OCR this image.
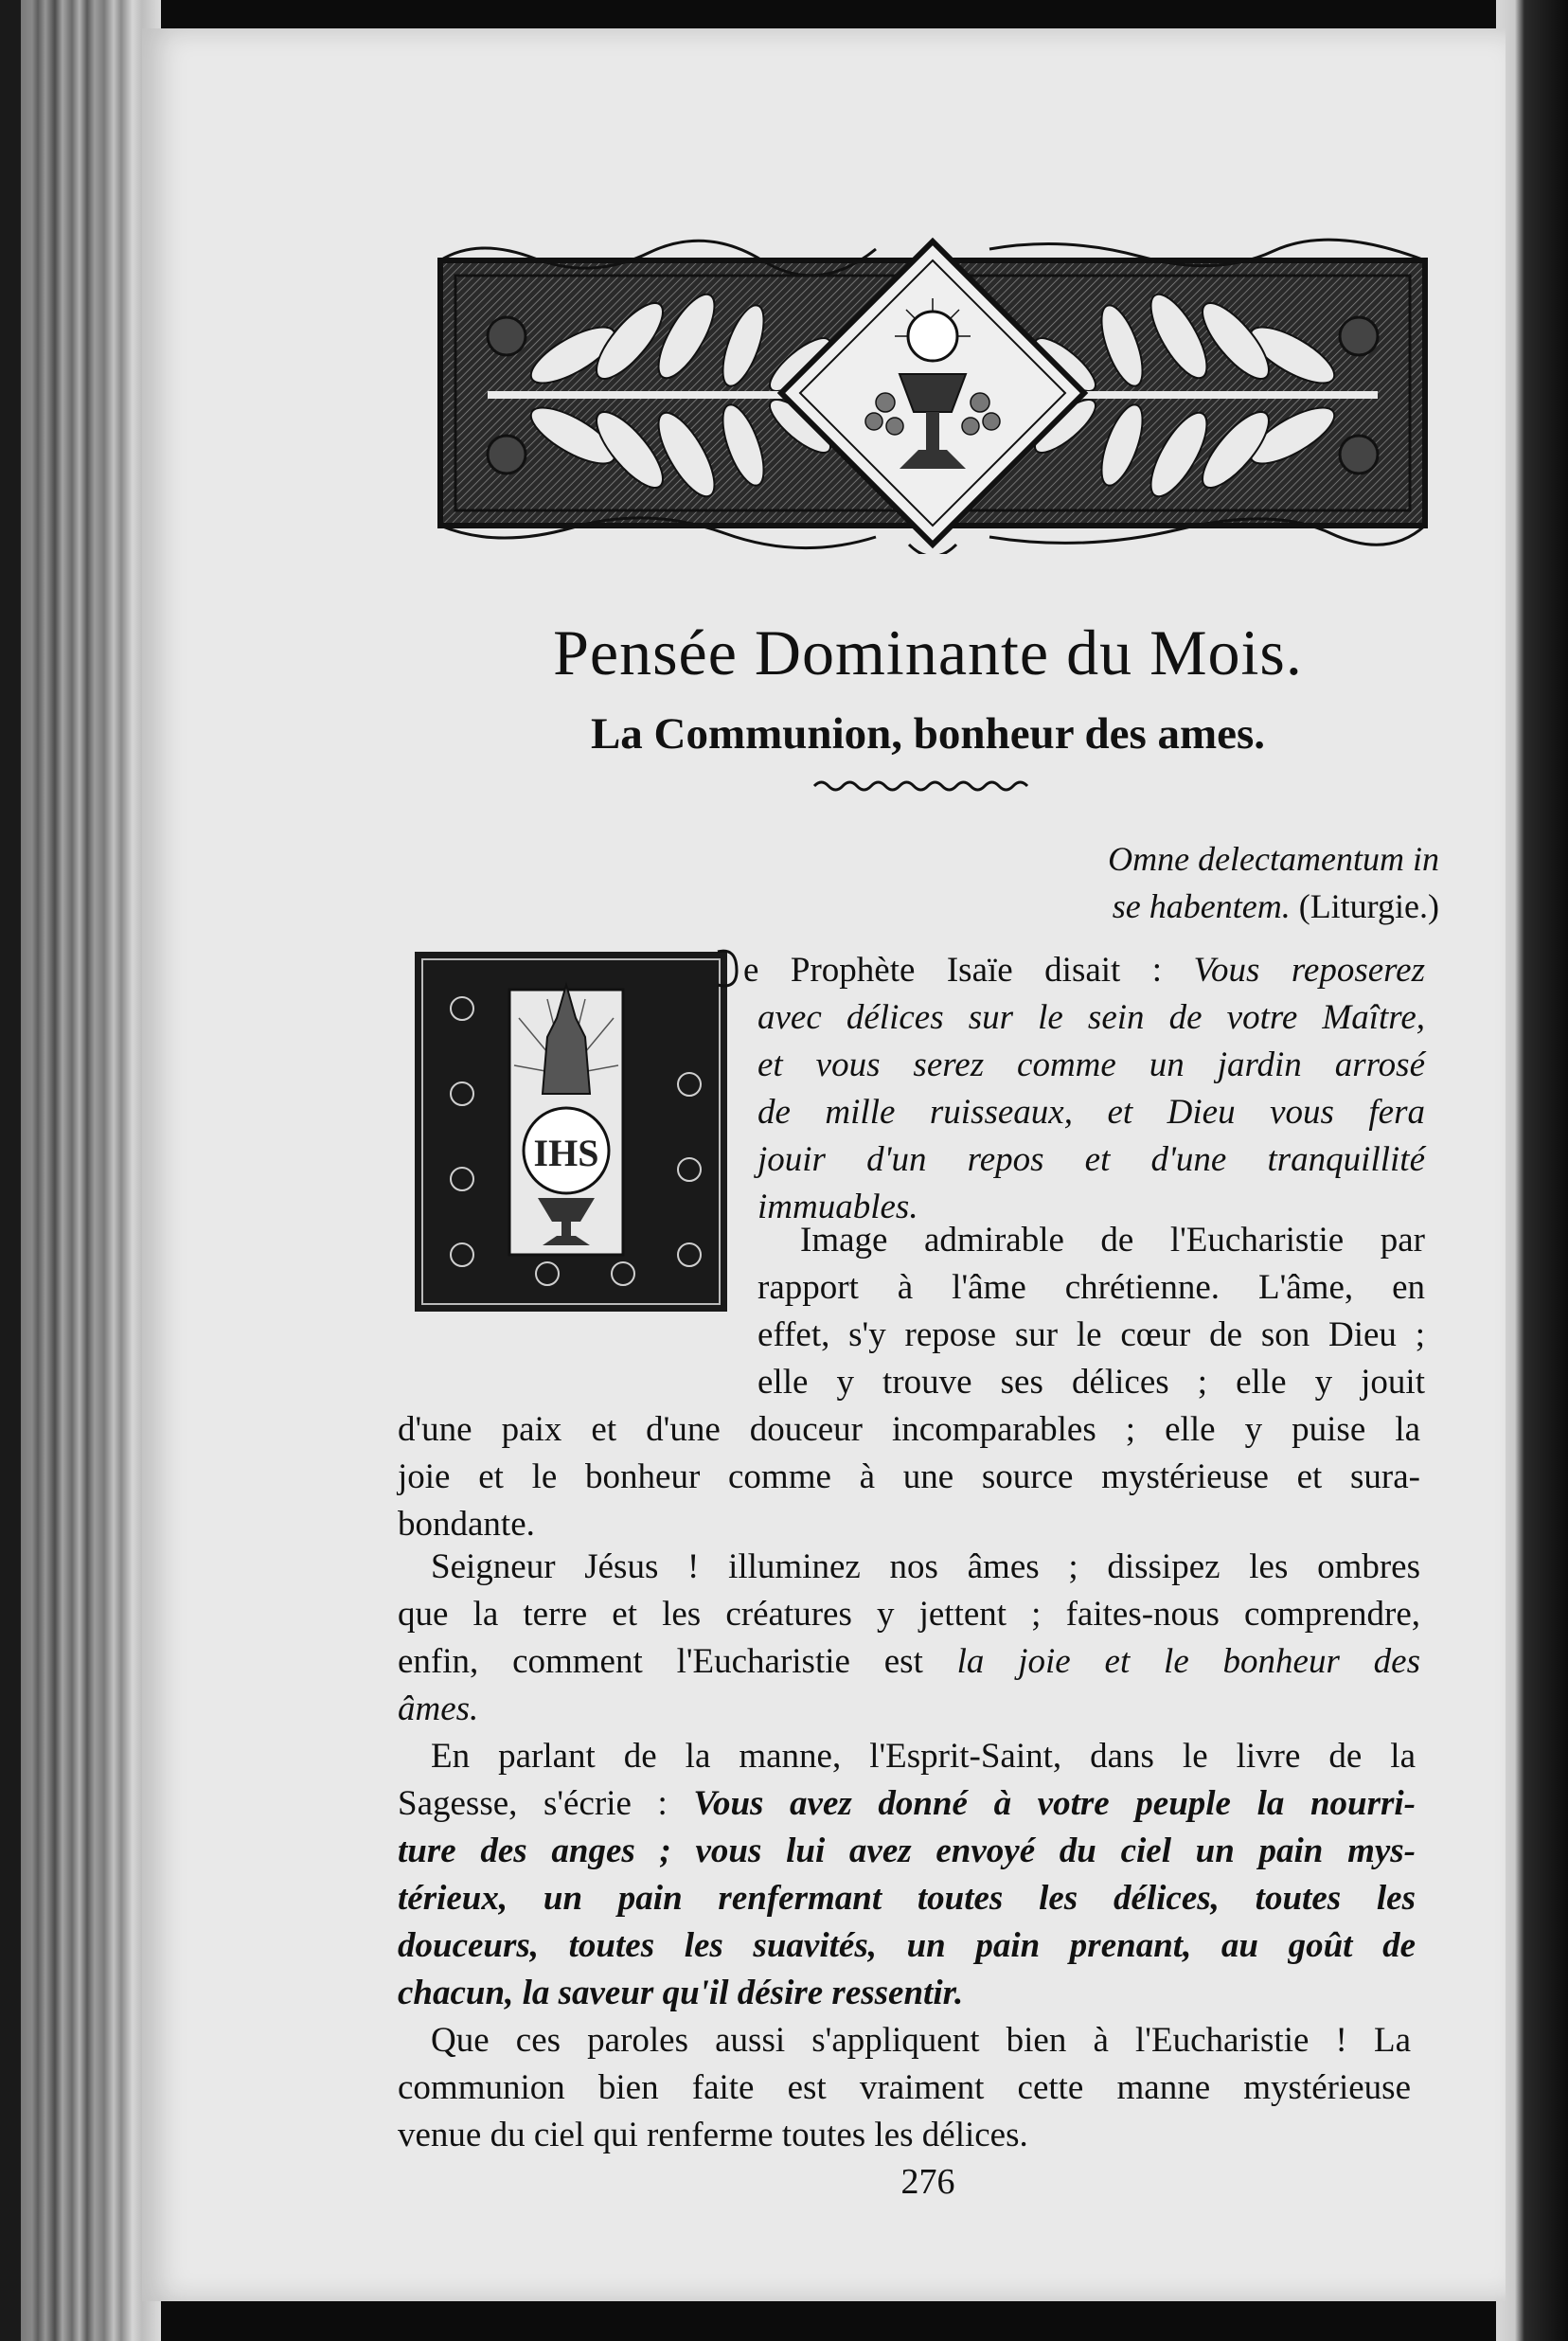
Pensée Dominante du Mois.
La Communion, bonheur des ames.
Omne delectamentum in
se habentem. (Liturgie.)
IHS
e Prophète Isaïe disait : Vous reposerez
avec délices sur le sein de votre Maître,
et vous serez comme un jardin arrosé
de mille ruisseaux, et Dieu vous fera
jouir d'un repos et d'une tranquillité
immuables.
Image admirable de l'Eucharistie par
rapport à l'âme chrétienne. L'âme, en
effet, s'y repose sur le cœur de son Dieu ;
elle y trouve ses délices ; elle y jouit
d'une paix et d'une douceur incomparables ; elle y puise la
joie et le bonheur comme à une source mystérieuse et sura-
bondante.
Seigneur Jésus ! illuminez nos âmes ; dissipez les ombres
que la terre et les créatures y jettent ; faites-nous comprendre,
enfin, comment l'Eucharistie est la joie et le bonheur des
âmes.
En parlant de la manne, l'Esprit-Saint, dans le livre de la
Sagesse, s'écrie : Vous avez donné à votre peuple la nourri-
ture des anges ; vous lui avez envoyé du ciel un pain mys-
térieux, un pain renfermant toutes les délices, toutes les
douceurs, toutes les suavités, un pain prenant, au goût de
chacun, la saveur qu'il désire ressentir.
Que ces paroles aussi s'appliquent bien à l'Eucharistie ! La
communion bien faite est vraiment cette manne mystérieuse
venue du ciel qui renferme toutes les délices.
276
